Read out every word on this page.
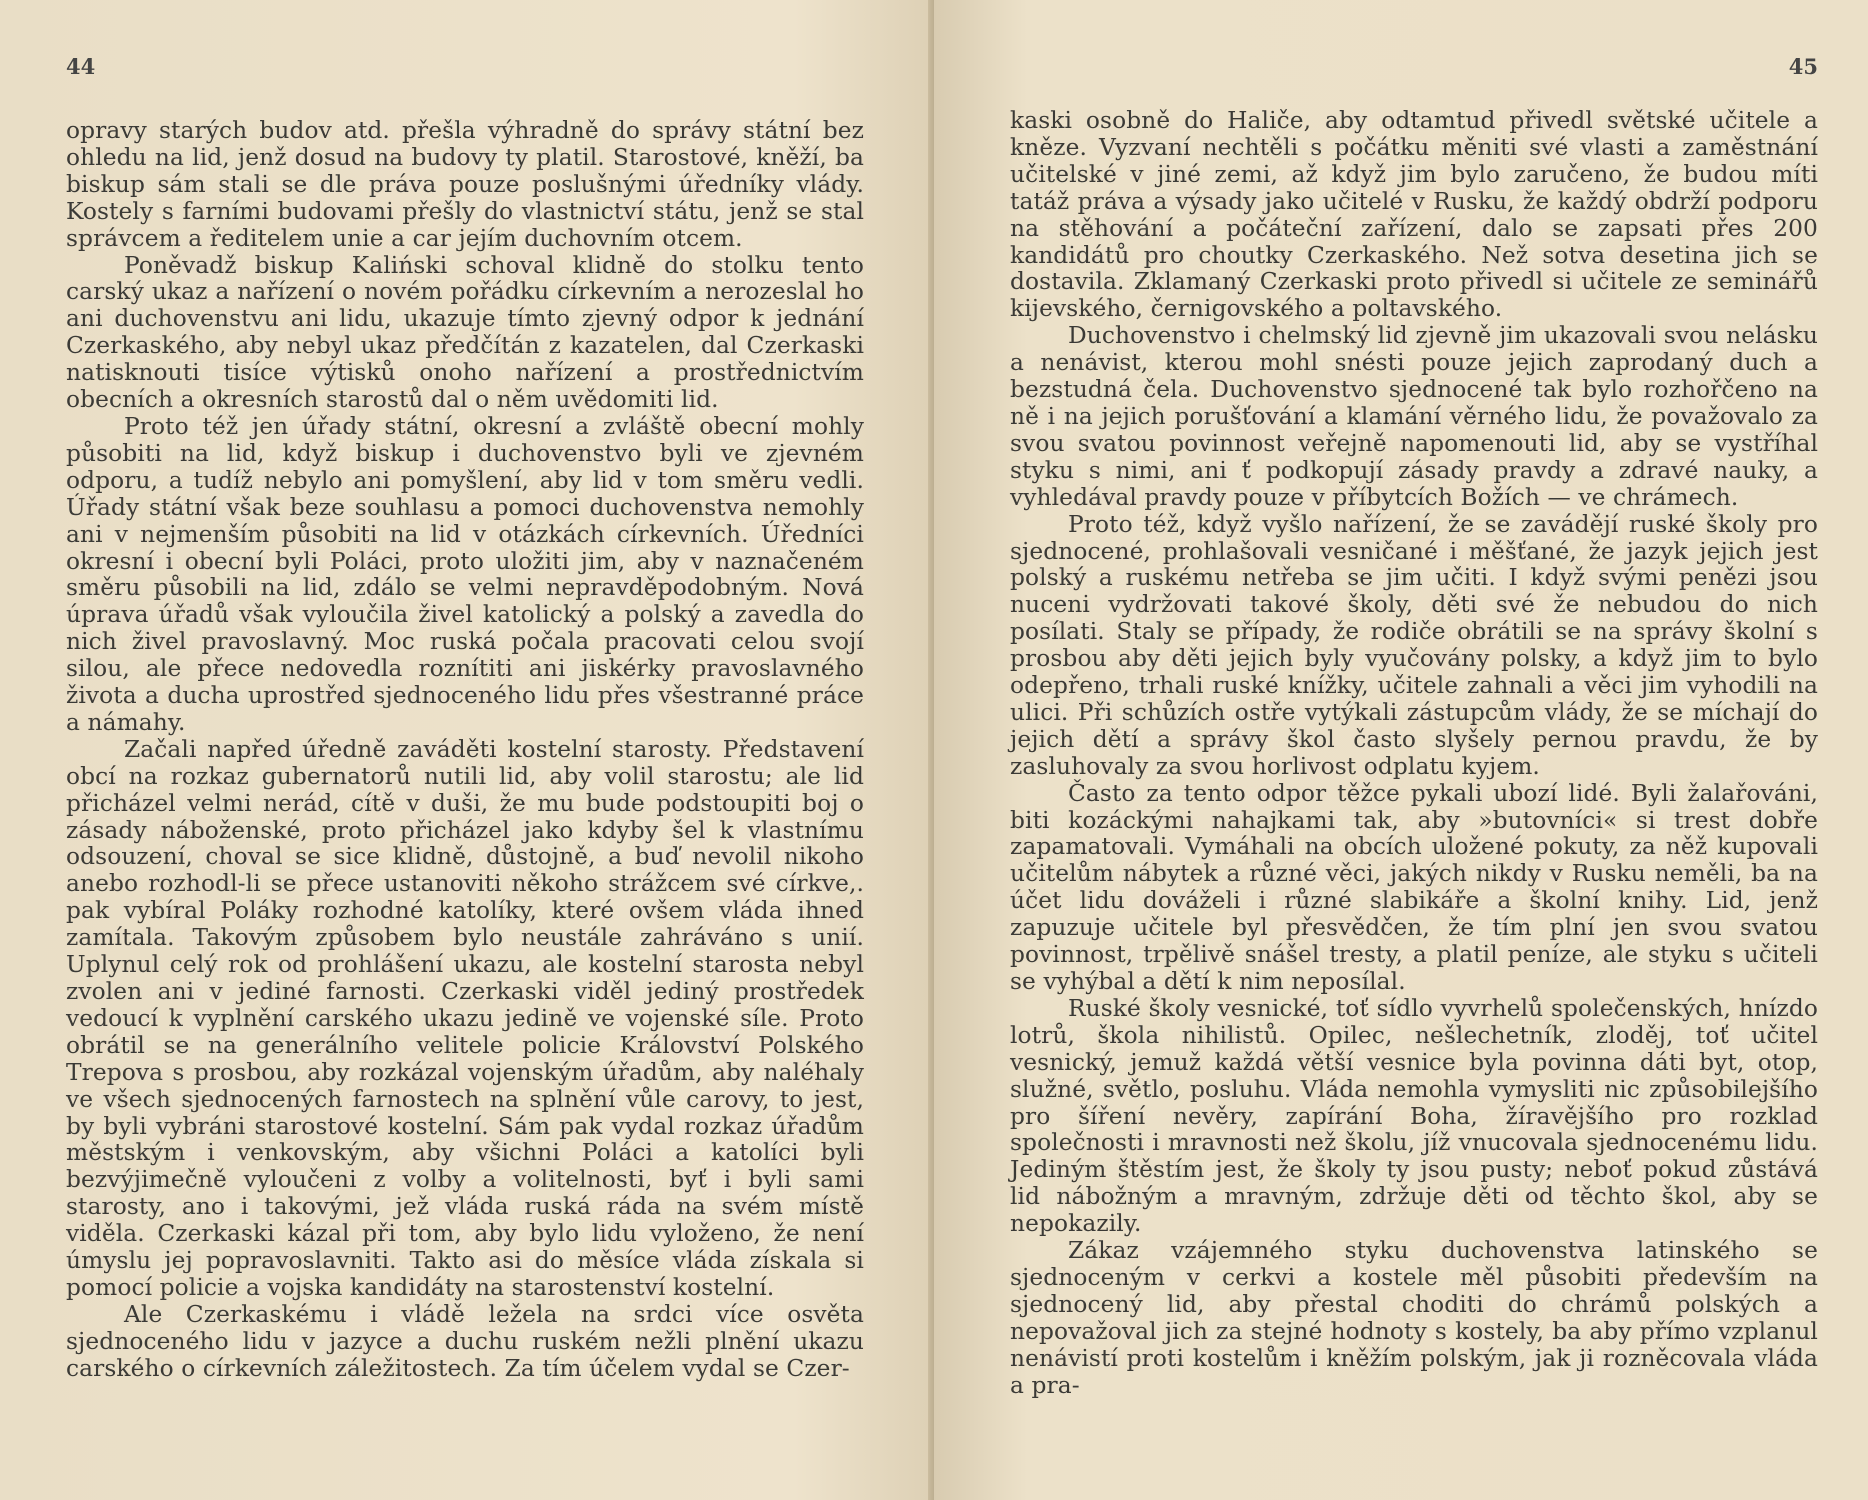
44

opravy starých budov atd. přešla výhradně do správy státní bez ohledu na lid, jenž dosud na budovy ty platil. Starostové, kněží, ba biskup sám stali se dle práva pouze poslušnými úředníky vlády. Kostely s farními budovami přešly do vlastnictví státu, jenž se stal správcem a ředitelem unie a car jejím duchovním otcem.

Poněvadž biskup Kaliński schoval klidně do stolku tento carský ukaz a nařízení o novém pořádku církevním a nerozeslal ho ani duchovenstvu ani lidu, ukazuje tímto zjevný odpor k jednání Czerkaského, aby nebyl ukaz předčítán z kazatelen, dal Czerkaski natisknouti tisíce výtisků onoho nařízení a prostřednictvím obecních a okresních starostů dal o něm uvědomiti lid.

Proto též jen úřady státní, okresní a zvláště obecní mohly působiti na lid, když biskup i duchovenstvo byli ve zjevném odporu, a tudíž nebylo ani pomyšlení, aby lid v tom směru vedli. Úřady státní však beze souhlasu a pomoci duchovenstva nemohly ani v nejmenším působiti na lid v otázkách církevních. Úředníci okresní i obecní byli Poláci, proto uložiti jim, aby v naznačeném směru působili na lid, zdálo se velmi nepravděpodobným. Nová úprava úřadů však vyloučila živel katolický a polský a zavedla do nich živel pravoslavný. Moc ruská počala pracovati celou svojí silou, ale přece nedovedla roznítiti ani jiskérky pravoslavného života a ducha uprostřed sjednoceného lidu přes všestranné práce a námahy.

Začali napřed úředně zaváděti kostelní starosty. Představení obcí na rozkaz gubernatorů nutili lid, aby volil starostu; ale lid přicházel velmi nerád, cítě v duši, že mu bude podstoupiti boj o zásady náboženské, proto přicházel jako kdyby šel k vlastnímu odsouzení, choval se sice klidně, důstojně, a buď nevolil nikoho anebo rozhodl-li se přece ustanoviti někoho strážcem své církve,. pak vybíral Poláky rozhodné katolíky, které ovšem vláda ihned zamítala. Takovým způsobem bylo neustále zahráváno s unií. Uplynul celý rok od prohlášení ukazu, ale kostelní starosta nebyl zvolen ani v jediné farnosti. Czerkaski viděl jediný prostředek vedoucí k vyplnění carského ukazu jedině ve vojenské síle. Proto obrátil se na generálního velitele policie Království Polského Trepova s prosbou, aby rozkázal vojenským úřadům, aby naléhaly ve všech sjednocených farnostech na splnění vůle carovy, to jest, by byli vybráni starostové kostelní. Sám pak vydal rozkaz úřadům městským i venkovským, aby všichni Poláci a katolíci byli bezvýjimečně vyloučeni z volby a volitelnosti, byť i byli sami starosty, ano i takovými, jež vláda ruská ráda na svém místě viděla. Czerkaski kázal při tom, aby bylo lidu vyloženo, že není úmyslu jej popravoslavniti. Takto asi do měsíce vláda získala si pomocí policie a vojska kandidáty na starostenství kostelní.

Ale Czerkaskému i vládě ležela na srdci více osvěta sjednoceného lidu v jazyce a duchu ruském nežli plnění ukazu carského o církevních záležitostech. Za tím účelem vydal se Czer-

45

kaski osobně do Haliče, aby odtamtud přivedl světské učitele a kněze. Vyzvaní nechtěli s počátku měniti své vlasti a zaměstnání učitelské v jiné zemi, až když jim bylo zaručeno, že budou míti tatáž práva a výsady jako učitelé v Rusku, že každý obdrží podporu na stěhování a počáteční zařízení, dalo se zapsati přes 200 kandidátů pro choutky Czerkaského. Než sotva desetina jich se dostavila. Zklamaný Czerkaski proto přivedl si učitele ze seminářů kijevského, černigovského a poltavského.

Duchovenstvo i chelmský lid zjevně jim ukazovali svou nelásku a nenávist, kterou mohl snésti pouze jejich zaprodaný duch a bezstudná čela. Duchovenstvo sjednocené tak bylo rozhořčeno na ně i na jejich porušťování a klamání věrného lidu, že považovalo za svou svatou povinnost veřejně napomenouti lid, aby se vystříhal styku s nimi, ani ť podkopují zásady pravdy a zdravé nauky, a vyhledával pravdy pouze v příbytcích Božích — ve chrámech.

Proto též, když vyšlo nařízení, že se zavádějí ruské školy pro sjednocené, prohlašovali vesničané i měšťané, že jazyk jejich jest polský a ruskému netřeba se jim učiti. I když svými penězi jsou nuceni vydržovati takové školy, děti své že nebudou do nich posílati. Staly se případy, že rodiče obrátili se na správy školní s prosbou aby děti jejich byly vyučovány polsky, a když jim to bylo odepřeno, trhali ruské knížky, učitele zahnali a věci jim vyhodili na ulici. Při schůzích ostře vytýkali zástupcům vlády, že se míchají do jejich dětí a správy škol často slyšely pernou pravdu, že by zasluhovaly za svou horlivost odplatu kyjem.

Často za tento odpor těžce pykali ubozí lidé. Byli žalařováni, biti kozáckými nahajkami tak, aby »butovníci« si trest dobře zapamatovali. Vymáhali na obcích uložené pokuty, za něž kupovali učitelům nábytek a různé věci, jakých nikdy v Rusku neměli, ba na účet lidu dováželi i různé slabikáře a školní knihy. Lid, jenž zapuzuje učitele byl přesvědčen, že tím plní jen svou svatou povinnost, trpělivě snášel tresty, a platil peníze, ale styku s učiteli se vyhýbal a dětí k nim neposílal.

Ruské školy vesnické, toť sídlo vyvrhelů společenských, hnízdo lotrů, škola nihilistů. Opilec, nešlechetník, zloděj, toť učitel vesnický, jemuž každá větší vesnice byla povinna dáti byt, otop, služné, světlo, posluhu. Vláda nemohla vymysliti nic způsobilejšího pro šíření nevěry, zapírání Boha, žíravějšího pro rozklad společnosti i mravnosti než školu, jíž vnucovala sjednocenému lidu. Jediným štěstím jest, že školy ty jsou pusty; neboť pokud zůstává lid nábožným a mravným, zdržuje děti od těchto škol, aby se nepokazily.

Zákaz vzájemného styku duchovenstva latinského se sjednoceným v cerkvi a kostele měl působiti především na sjednocený lid, aby přestal choditi do chrámů polských a nepovažoval jich za stejné hodnoty s kostely, ba aby přímo vzplanul nenávistí proti kostelům i kněžím polským, jak ji rozněcovala vláda a pra-
